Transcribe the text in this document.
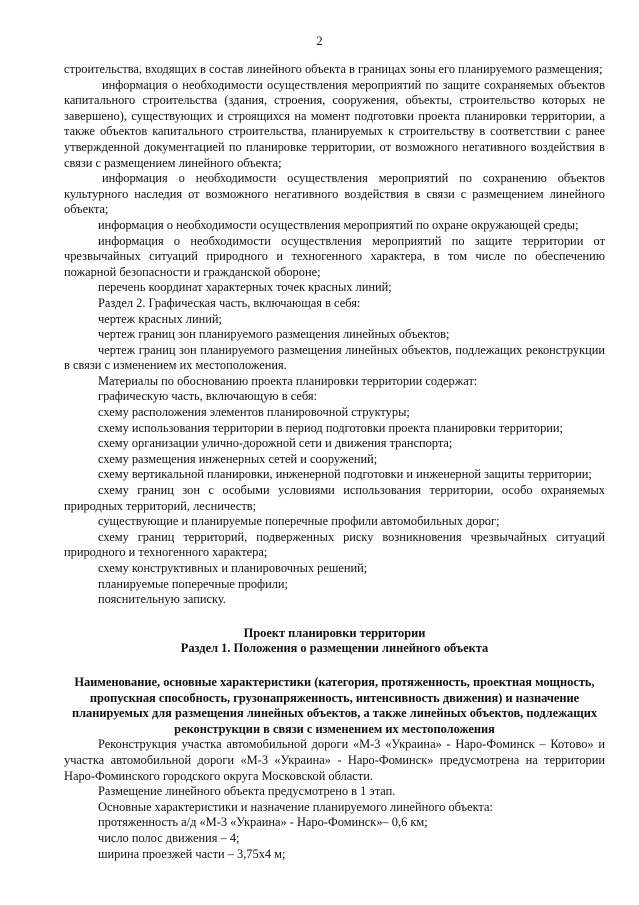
2

строительства, входящих в состав линейного объекта в границах зоны его планируемого размещения;

информация о необходимости осуществления мероприятий по защите сохраняемых объектов капитального строительства (здания, строения, сооружения, объекты, строительство которых не завершено), существующих и строящихся на момент подготовки проекта планировки территории, а также объектов капитального строительства, планируемых к строительству в соответствии с ранее утвержденной документацией по планировке территории, от возможного негативного воздействия в связи с размещением линейного объекта;

информация о необходимости осуществления мероприятий по сохранению объектов культурного наследия от возможного негативного воздействия в связи с размещением линейного объекта;

информация о необходимости осуществления мероприятий по охране окружающей среды;

информация о необходимости осуществления мероприятий по защите территории от чрезвычайных ситуаций природного и техногенного характера, в том числе по обеспечению пожарной безопасности и гражданской обороне;

перечень координат характерных точек красных линий;

Раздел 2. Графическая часть, включающая в себя:

чертеж красных линий;

чертеж границ зон планируемого размещения линейных объектов;

чертеж границ зон планируемого размещения линейных объектов, подлежащих реконструкции в связи с изменением их местоположения.

Материалы по обоснованию проекта планировки территории содержат:

графическую часть, включающую в себя:

схему расположения элементов планировочной структуры;

схему использования территории в период подготовки проекта планировки территории;

схему организации улично-дорожной сети и движения транспорта;

схему размещения инженерных сетей и сооружений;

схему вертикальной планировки, инженерной подготовки и инженерной защиты территории;

схему границ зон с особыми условиями использования территории, особо охраняемых природных территорий, лесничеств;

существующие и планируемые поперечные профили автомобильных дорог;

схему границ территорий, подверженных риску возникновения чрезвычайных ситуаций природного и техногенного характера;

схему конструктивных и планировочных решений;

планируемые поперечные профили;

пояснительную записку.

Проект планировки территории

Раздел 1. Положения о размещении линейного объекта

Наименование, основные характеристики (категория, протяженность, проектная мощность, пропускная способность, грузонапряженность, интенсивность движения) и назначение планируемых для размещения линейных объектов, а также линейных объектов, подлежащих реконструкции в связи с изменением их местоположения

Реконструкция участка автомобильной дороги «М-3 «Украина» - Наро-Фоминск – Котово» и участка автомобильной дороги «М-3 «Украина» - Наро-Фоминск» предусмотрена на территории Наро-Фоминского городского округа Московской области.

Размещение линейного объекта предусмотрено в 1 этап.

Основные характеристики и назначение планируемого линейного объекта:

протяженность а/д «М-3 «Украина» - Наро-Фоминск»– 0,6 км;

число полос движения – 4;

ширина проезжей части – 3,75х4 м;
